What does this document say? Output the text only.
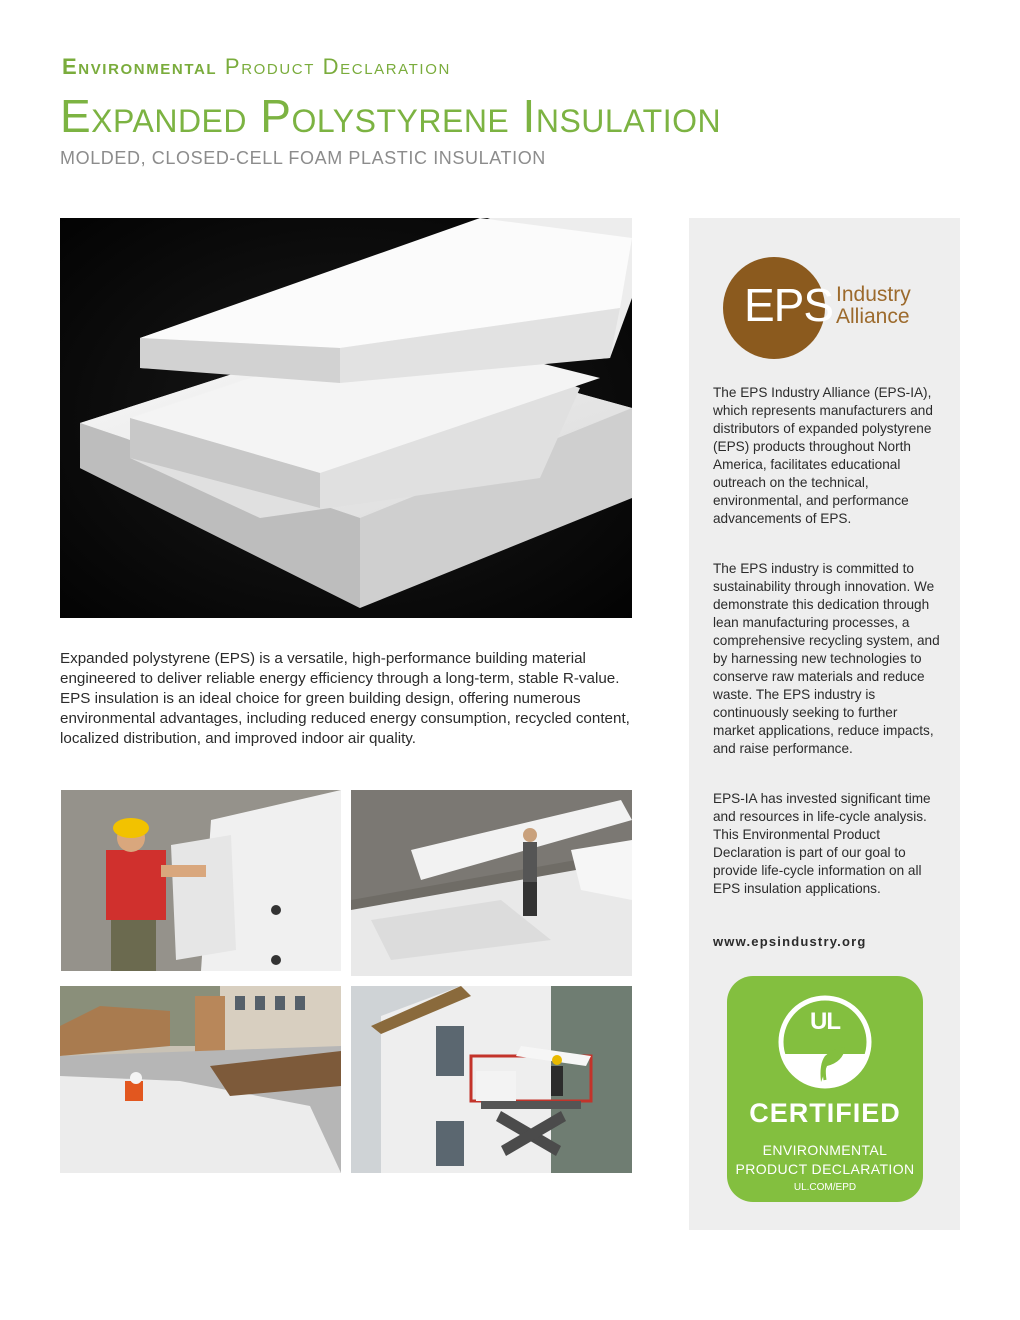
Environmental Product Declaration
Expanded Polystyrene Insulation
MOLDED, CLOSED-CELL FOAM PLASTIC INSULATION
Expanded polystyrene (EPS) is a versatile, high-performance building material engineered to deliver reliable energy efficiency through a long-term, stable R-value. EPS insulation is an ideal choice for green building design, offering numerous environmental advantages, including reduced energy consumption, recycled content, localized distribution, and improved indoor air quality.
EPS Industry
Alliance
The EPS Industry Alliance (EPS-IA), which represents manufacturers and distributors of expanded polystyrene (EPS) products throughout North America, facilitates educational outreach on the technical, environmental, and performance advancements of EPS.
The EPS industry is committed to sustainability through innovation. We demonstrate this dedication through lean manufacturing processes, a comprehensive recycling system, and by harnessing new technologies to conserve raw materials and reduce waste. The EPS industry is continuously seeking to further market applications, reduce impacts, and raise performance.
EPS-IA has invested significant time and resources in life-cycle analysis. This Environmental Product Declaration is part of our goal to provide life-cycle information on all EPS insulation applications.
www.epsindustry.org
UL
CERTIFIED
ENVIRONMENTAL
PRODUCT DECLARATION
UL.COM/EPD
